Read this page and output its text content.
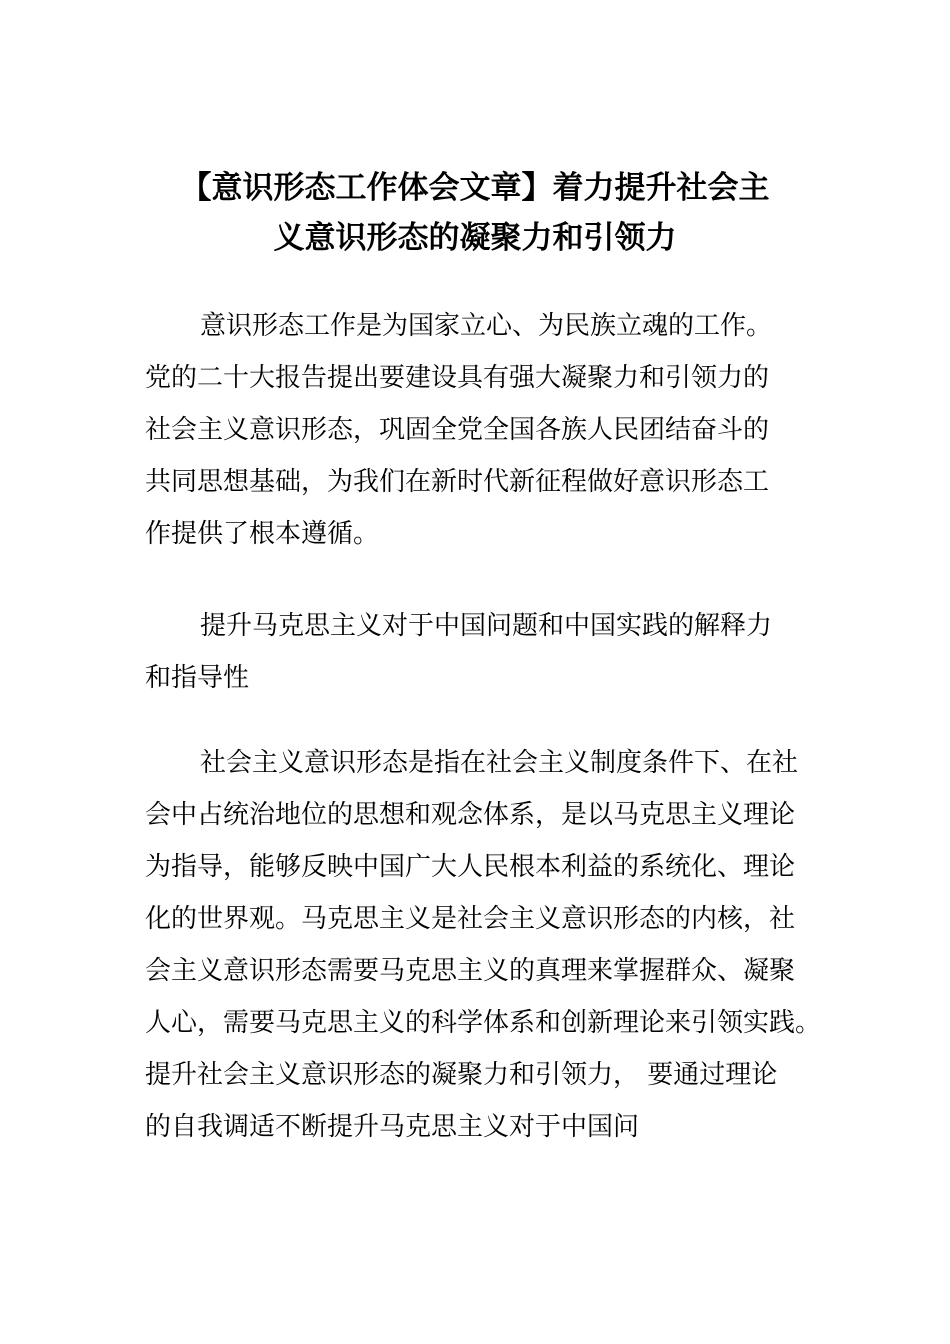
【意识形态工作体会文章】着力提升社会主
义意识形态的凝聚力和引领力
意识形态工作是为国家立心、为民族立魂的工作。
党的二十大报告提出要建设具有强大凝聚力和引领力的
社会主义意识形态，巩固全党全国各族人民团结奋斗的
共同思想基础，为我们在新时代新征程做好意识形态工
作提供了根本遵循。
提升马克思主义对于中国问题和中国实践的解释力
和指导性
社会主义意识形态是指在社会主义制度条件下、在社
会中占统治地位的思想和观念体系，是以马克思主义理论
为指导，能够反映中国广大人民根本利益的系统化、理论
化的世界观。马克思主义是社会主义意识形态的内核，社
会主义意识形态需要马克思主义的真理来掌握群众、凝聚
人心，需要马克思主义的科学体系和创新理论来引领实践。
提升社会主义意识形态的凝聚力和引领力， 要通过理论
的自我调适不断提升马克思主义对于中国问
